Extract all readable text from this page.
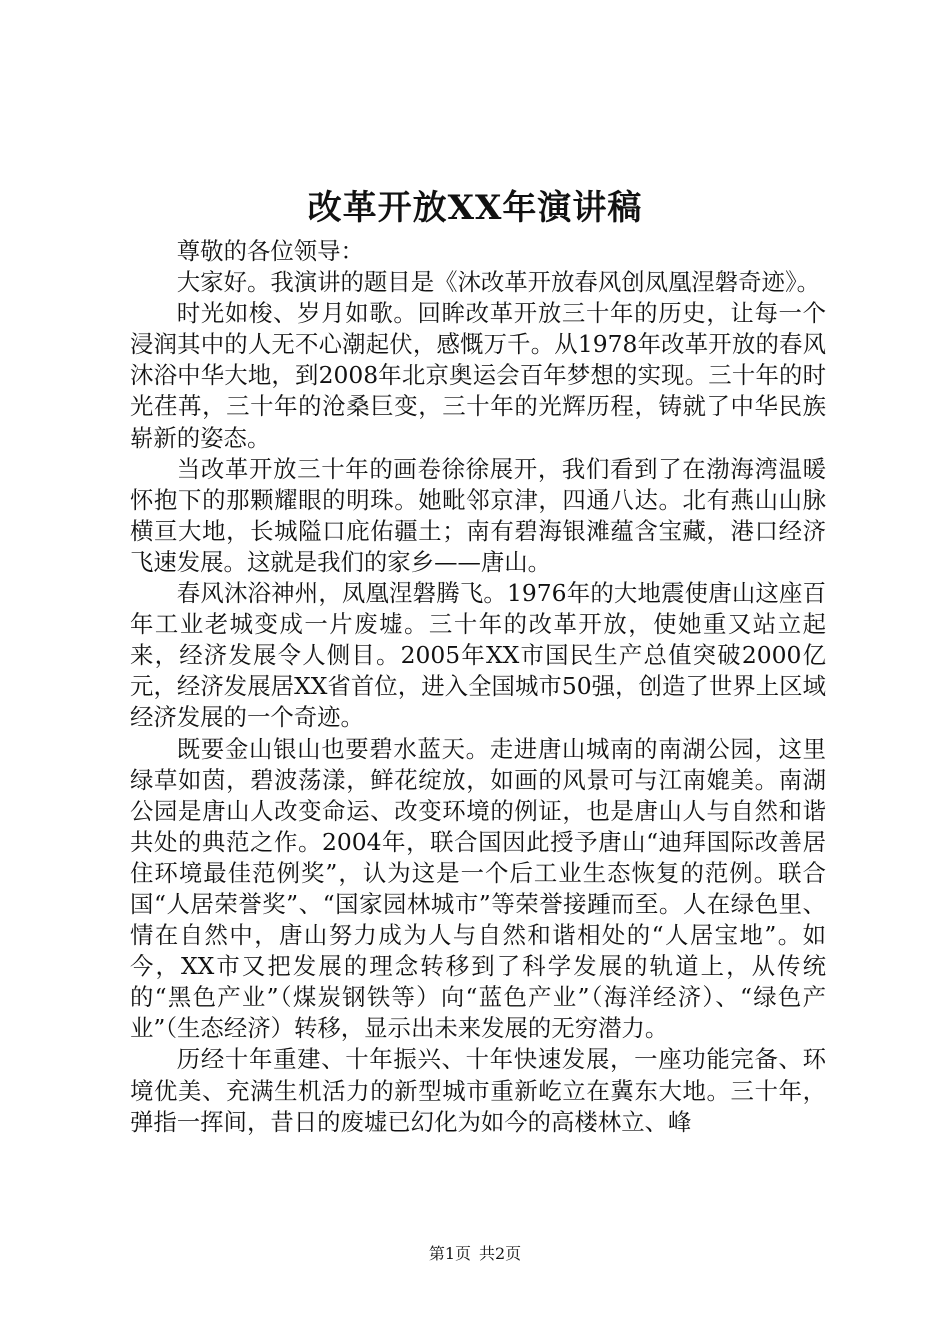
改革开放XX年演讲稿

尊敬的各位领导：

大家好。我演讲的题目是《沐改革开放春风创凤凰涅磐奇迹》。

时光如梭、岁月如歌。回眸改革开放三十年的历史，让每一个浸润其中的人无不心潮起伏，感慨万千。从1978年改革开放的春风沐浴中华大地，到2008年北京奥运会百年梦想的实现。三十年的时光荏苒，三十年的沧桑巨变，三十年的光辉历程，铸就了中华民族崭新的姿态。

当改革开放三十年的画卷徐徐展开，我们看到了在渤海湾温暖怀抱下的那颗耀眼的明珠。她毗邻京津，四通八达。北有燕山山脉横亘大地，长城隘口庇佑疆土；南有碧海银滩蕴含宝藏，港口经济飞速发展。这就是我们的家乡——唐山。

春风沐浴神州，凤凰涅磐腾飞。1976年的大地震使唐山这座百年工业老城变成一片废墟。三十年的改革开放，使她重又站立起来，经济发展令人侧目。2005年XX市国民生产总值突破2000亿元，经济发展居XX省首位，进入全国城市50强，创造了世界上区域经济发展的一个奇迹。

既要金山银山也要碧水蓝天。走进唐山城南的南湖公园，这里绿草如茵，碧波荡漾，鲜花绽放，如画的风景可与江南媲美。南湖公园是唐山人改变命运、改变环境的例证，也是唐山人与自然和谐共处的典范之作。2004年，联合国因此授予唐山“迪拜国际改善居住环境最佳范例奖”，认为这是一个后工业生态恢复的范例。联合国“人居荣誉奖”、“国家园林城市”等荣誉接踵而至。人在绿色里、情在自然中，唐山努力成为人与自然和谐相处的“人居宝地”。如今，XX市又把发展的理念转移到了科学发展的轨道上，从传统的“黑色产业”（煤炭钢铁等）向“蓝色产业”（海洋经济）、“绿色产业”（生态经济）转移，显示出未来发展的无穷潜力。

历经十年重建、十年振兴、十年快速发展，一座功能完备、环境优美、充满生机活力的新型城市重新屹立在冀东大地。三十年，弹指一挥间，昔日的废墟已幻化为如今的高楼林立、峰

第1页 共2页
